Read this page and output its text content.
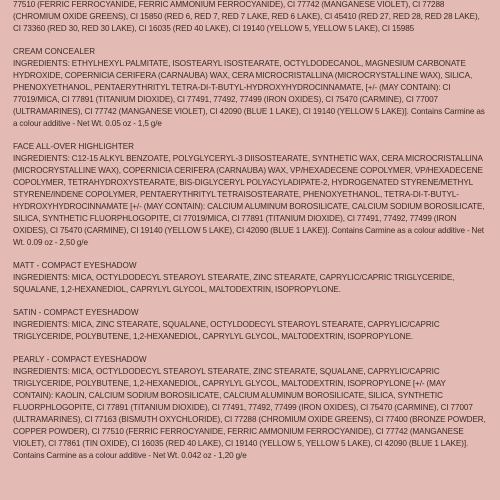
77510 (FERRIC FERROCYANIDE, FERRIC AMMONIUM FERROCYANIDE), CI 77742 (MANGANESE VIOLET), CI 77288 (CHROMIUM OXIDE GREENS), CI 15850 (RED 6, RED 7, RED 7 LAKE, RED 6 LAKE), CI 45410 (RED 27, RED 28, RED 28 LAKE), CI 73360 (RED 30, RED 30 LAKE), CI 16035 (RED 40 LAKE), CI 19140 (YELLOW 5, YELLOW 5 LAKE), CI 15985

CREAM CONCEALER

INGREDIENTS: ETHYLHEXYL PALMITATE, ISOSTEARYL ISOSTEARATE, OCTYLDODECANOL, MAGNESIUM CARBONATE HYDROXIDE, COPERNICIA CERIFERA (CARNAUBA) WAX, CERA MICROCRISTALLINA (MICROCRYSTALLINE WAX), SILICA, PHENOXYETHANOL, PENTAERYTHRITYL TETRA-DI-T-BUTYL-HYDROXYHYDROCINNAMATE, [+/- (MAY CONTAIN): CI 77019/MICA, CI 77891 (TITANIUM DIOXIDE), CI 77491, 77492, 77499 (IRON OXIDES), CI 75470 (CARMINE), CI 77007 (ULTRAMARINES), CI 77742 (MANGANESE VIOLET), CI 42090 (BLUE 1 LAKE), CI 19140 (YELLOW 5 LAKE)]. Contains Carmine as a colour additive - Net Wt. 0.05 oz - 1,5 g/e

FACE ALL-OVER HIGHLIGHTER

INGREDIENTS: C12-15 ALKYL BENZOATE, POLYGLYCERYL-3 DIISOSTEARATE, SYNTHETIC WAX, CERA MICROCRISTALLINA (MICROCRYSTALLINE WAX), COPERNICIA CERIFERA (CARNAUBA) WAX, VP/HEXADECENE COPOLYMER, VP/HEXADECENE COPOLYMER, TETRAHYDROXYSTEARATE, BIS-DIGLYCERYL POLYACYLADIPATE-2, HYDROGENATED STYRENE/METHYL STYRENE/INDENE COPOLYMER, PENTAERYTHRITYL TETRAISOSTEARATE, PHENOXYETHANOL, TETRA-DI-T-BUTYL-HYDROXYHYDROCINNAMATE [+/- (MAY CONTAIN): CALCIUM ALUMINUM BOROSILICATE, CALCIUM SODIUM BOROSILICATE, SILICA, SYNTHETIC FLUORPHLOGOPITE, CI 77019/MICA, CI 77891 (TITANIUM DIOXIDE), CI 77491, 77492, 77499 (IRON OXIDES), CI 75470 (CARMINE), CI 19140 (YELLOW 5 LAKE), CI 42090 (BLUE 1 LAKE)]. Contains Carmine as a colour additive - Net Wt. 0.09 oz - 2,50 g/e

MATT - COMPACT EYESHADOW

INGREDIENTS: MICA, OCTYLDODECYL STEAROYL STEARATE, ZINC STEARATE, CAPRYLIC/CAPRIC TRIGLYCERIDE, SQUALANE, 1,2-HEXANEDIOL, CAPRYLYL GLYCOL, MALTODEXTRIN, ISOPROPYLONE.

SATIN - COMPACT EYESHADOW

INGREDIENTS: MICA, ZINC STEARATE, SQUALANE, OCTYLDODECYL STEAROYL STEARATE, CAPRYLIC/CAPRIC TRIGLYCERIDE, POLYBUTENE, 1,2-HEXANEDIOL, CAPRYLYL GLYCOL, MALTODEXTRIN, ISOPROPYLONE.

PEARLY - COMPACT EYESHADOW

INGREDIENTS: MICA, OCTYLDODECYL STEAROYL STEARATE, ZINC STEARATE, SQUALANE, CAPRYLIC/CAPRIC TRIGLYCERIDE, POLYBUTENE, 1,2-HEXANEDIOL, CAPRYLYL GLYCOL, MALTODEXTRIN, ISOPROPYLONE [+/- (MAY CONTAIN): KAOLIN, CALCIUM SODIUM BOROSILICATE, CALCIUM ALUMINUM BOROSILICATE, SILICA, SYNTHETIC FLUORPHLOGOPITE, CI 77891 (TITANIUM DIOXIDE), CI 77491, 77492, 77499 (IRON OXIDES), CI 75470 (CARMINE), CI 77007 (ULTRAMARINES), CI 77163 (BISMUTH OXYCHLORIDE), CI 77288 (CHROMIUM OXIDE GREENS), CI 77400 (BRONZE POWDER, COPPER POWDER), CI 77510 (FERRIC FERROCYANIDE, FERRIC AMMONIUM FERROCYANIDE), CI 77742 (MANGANESE VIOLET), CI 77861 (TIN OXIDE), CI 16035 (RED 40 LAKE), CI 19140 (YELLOW 5, YELLOW 5 LAKE), CI 42090 (BLUE 1 LAKE)]. Contains Carmine as a colour additive - Net Wt. 0.042 oz - 1,20 g/e
